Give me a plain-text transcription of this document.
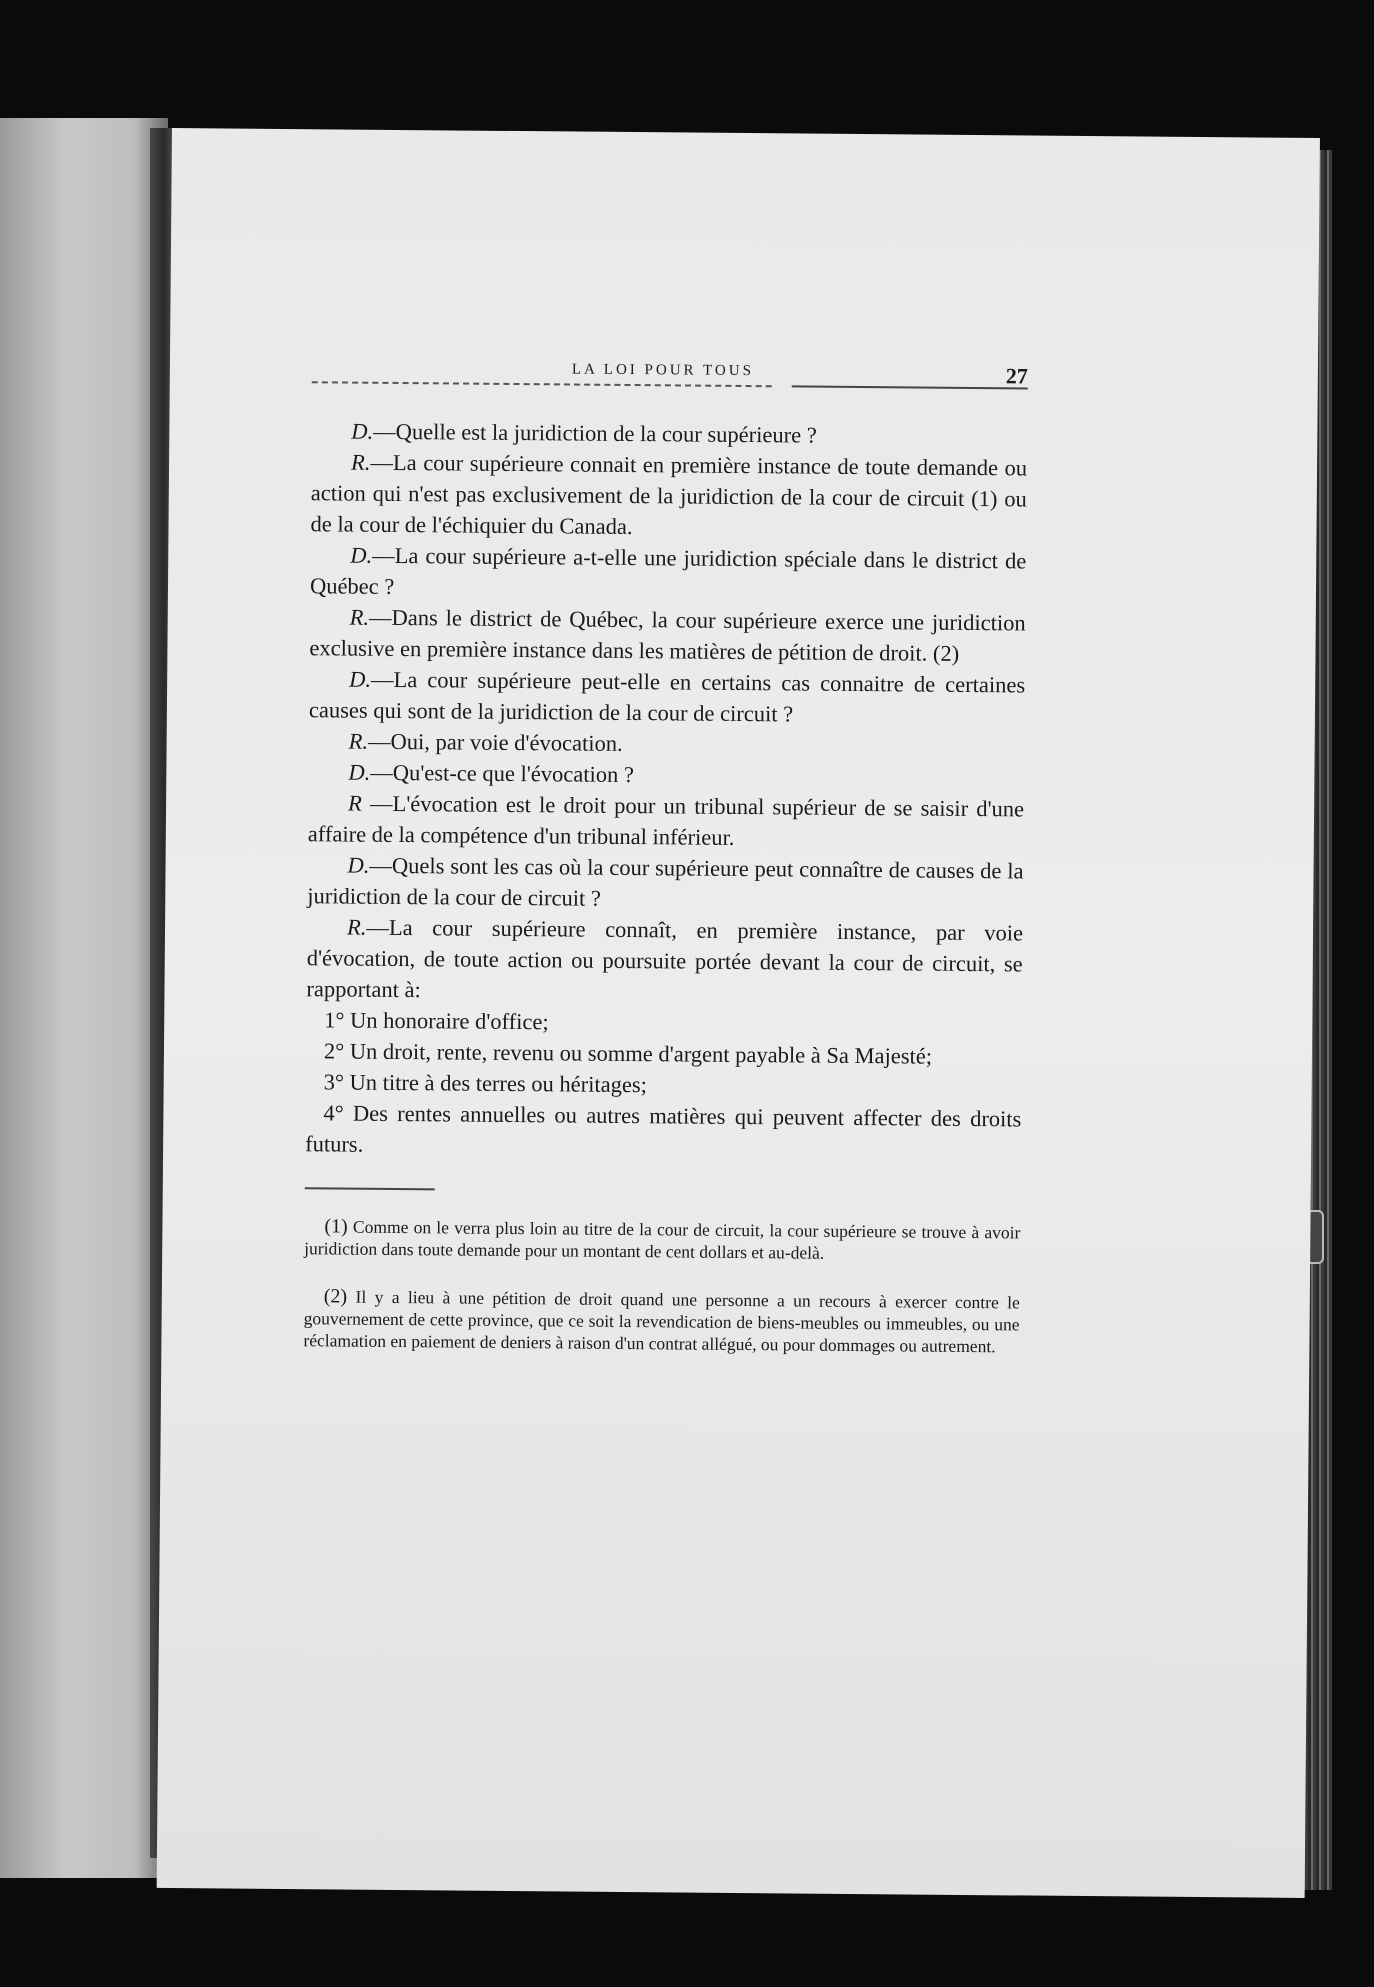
LA LOI POUR TOUS	27

D.—Quelle est la juridiction de la cour supérieure ?

R.—La cour supérieure connait en première instance de toute demande ou action qui n'est pas exclusivement de la juridiction de la cour de circuit (1) ou de la cour de l'échiquier du Canada.

D.—La cour supérieure a-t-elle une juridiction spéciale dans le district de Québec ?

R.—Dans le district de Québec, la cour supérieure exerce une juridiction exclusive en première instance dans les matières de pétition de droit. (2)

D.—La cour supérieure peut-elle en certains cas connaitre de certaines causes qui sont de la juridiction de la cour de circuit ?

R.—Oui, par voie d'évocation.

D.—Qu'est-ce que l'évocation ?

R —L'évocation est le droit pour un tribunal supérieur de se saisir d'une affaire de la compétence d'un tribunal inférieur.

D.—Quels sont les cas où la cour supérieure peut connaître de causes de la juridiction de la cour de circuit ?

R.—La cour supérieure connaît, en première instance, par voie d'évocation, de toute action ou poursuite portée devant la cour de circuit, se rapportant à:

1° Un honoraire d'office;

2° Un droit, rente, revenu ou somme d'argent payable à Sa Majesté;

3° Un titre à des terres ou héritages;

4° Des rentes annuelles ou autres matières qui peuvent affecter des droits futurs.

(1) Comme on le verra plus loin au titre de la cour de circuit, la cour supérieure se trouve à avoir juridiction dans toute demande pour un montant de cent dollars et au-delà.

(2) Il y a lieu à une pétition de droit quand une personne a un recours à exercer contre le gouvernement de cette province, que ce soit la revendication de biens-meubles ou immeubles, ou une réclamation en paiement de deniers à raison d'un contrat allégué, ou pour dommages ou autrement.
